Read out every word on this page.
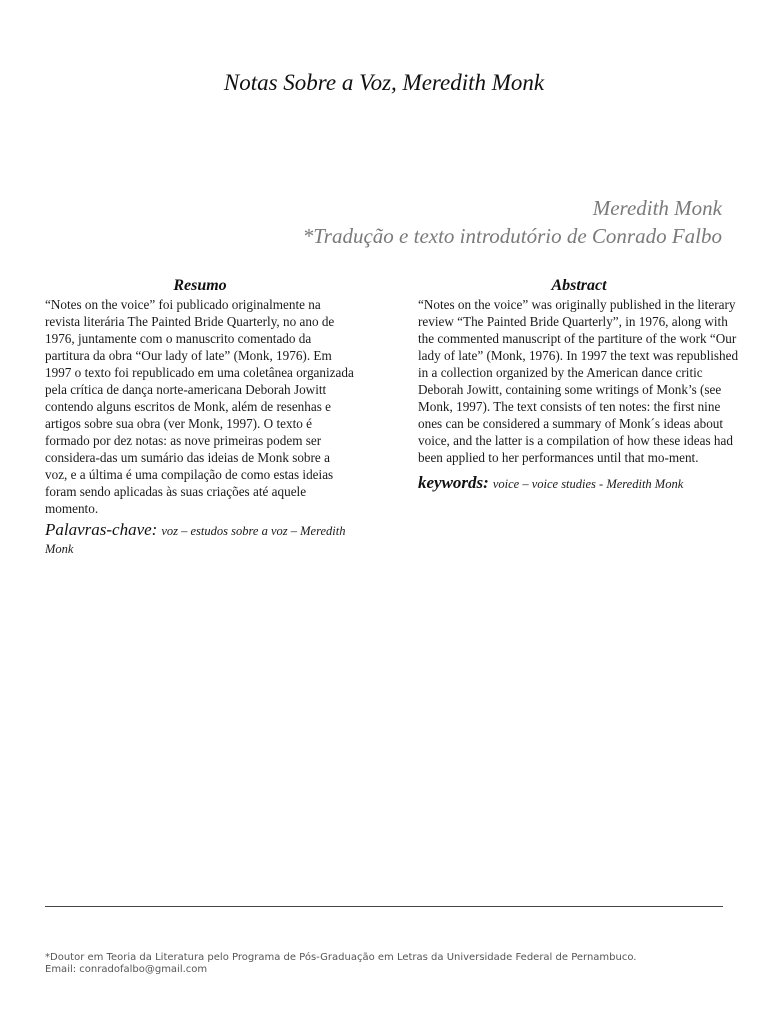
Notas Sobre a Voz, Meredith Monk
Meredith Monk
*Tradução e texto introdutório de Conrado Falbo
Resumo

“Notes on the voice” foi publicado originalmente na revista literária The Painted Bride Quarterly, no ano de 1976, juntamente com o manuscrito comentado da partitura da obra “Our lady of late” (Monk, 1976). Em 1997 o texto foi republicado em uma coletânea organizada pela crítica de dança norte-americana Deborah Jowitt contendo alguns escritos de Monk, além de resenhas e artigos sobre sua obra (ver Monk, 1997). O texto é formado por dez notas: as nove primeiras podem ser considera-das um sumário das ideias de Monk sobre a voz, e a última é uma compilação de como estas ideias foram sendo aplicadas às suas criações até aquele momento.

Palavras-chave: voz – estudos sobre a voz – Meredith Monk
Abstract

“Notes on the voice” was originally published in the literary review “The Painted Bride Quarterly”, in 1976, along with the commented manuscript of the partiture of the work “Our lady of late” (Monk, 1976). In 1997 the text was republished in a collection organized by the American dance critic Deborah Jowitt, containing some writings of Monk’s (see Monk, 1997). The text consists of ten notes: the first nine ones can be considered a summary of Monk´s ideas about voice, and the latter is a compilation of how these ideas had been applied to her performances until that mo-ment.

keywords: voice – voice studies - Meredith Monk
*Doutor em Teoria da Literatura pelo Programa de Pós-Graduação em Letras da Universidade Federal de Pernambuco.
Email: conradofalbo@gmail.com
